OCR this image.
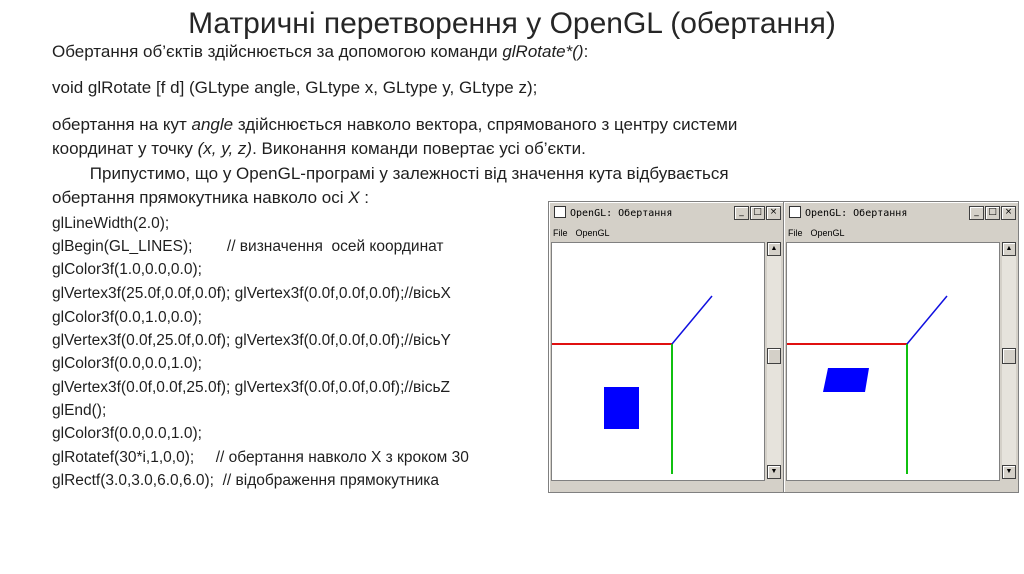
Матричні перетворення у OpenGL (обертання)
Обертання об’єктів здійснюється за допомогою команди glRotate*():
void glRotate [f d] (GLtype angle, GLtype x, GLtype y, GLtype z);
обертання на кут angle здійснюється навколо вектора, спрямованого з центру системи
координат у точку (x, y, z). Виконання команди повертає усі об’єкти.
Припустимо, що у OpenGL-програмі у залежності від значення кута відбувається
обертання прямокутника навколо осі X :
glLineWidth(2.0);
glBegin(GL_LINES);        // визначення  осей координат
glColor3f(1.0,0.0,0.0);
glVertex3f(25.0f,0.0f,0.0f); glVertex3f(0.0f,0.0f,0.0f);//вісьX
glColor3f(0.0,1.0,0.0);
glVertex3f(0.0f,25.0f,0.0f); glVertex3f(0.0f,0.0f,0.0f);//вісьY
glColor3f(0.0,0.0,1.0);
glVertex3f(0.0f,0.0f,25.0f); glVertex3f(0.0f,0.0f,0.0f);//вісьZ
glEnd();
glColor3f(0.0,0.0,1.0);
glRotatef(30*i,1,0,0);     // обертання навколо X з кроком 30
glRectf(3.0,3.0,6.0,6.0);  // відображення прямокутника
OpenGL: Обертання	_ □ ×
File OpenGL
▲
▼
OpenGL: Обертання	_ □ ×
File OpenGL
▲
▼
